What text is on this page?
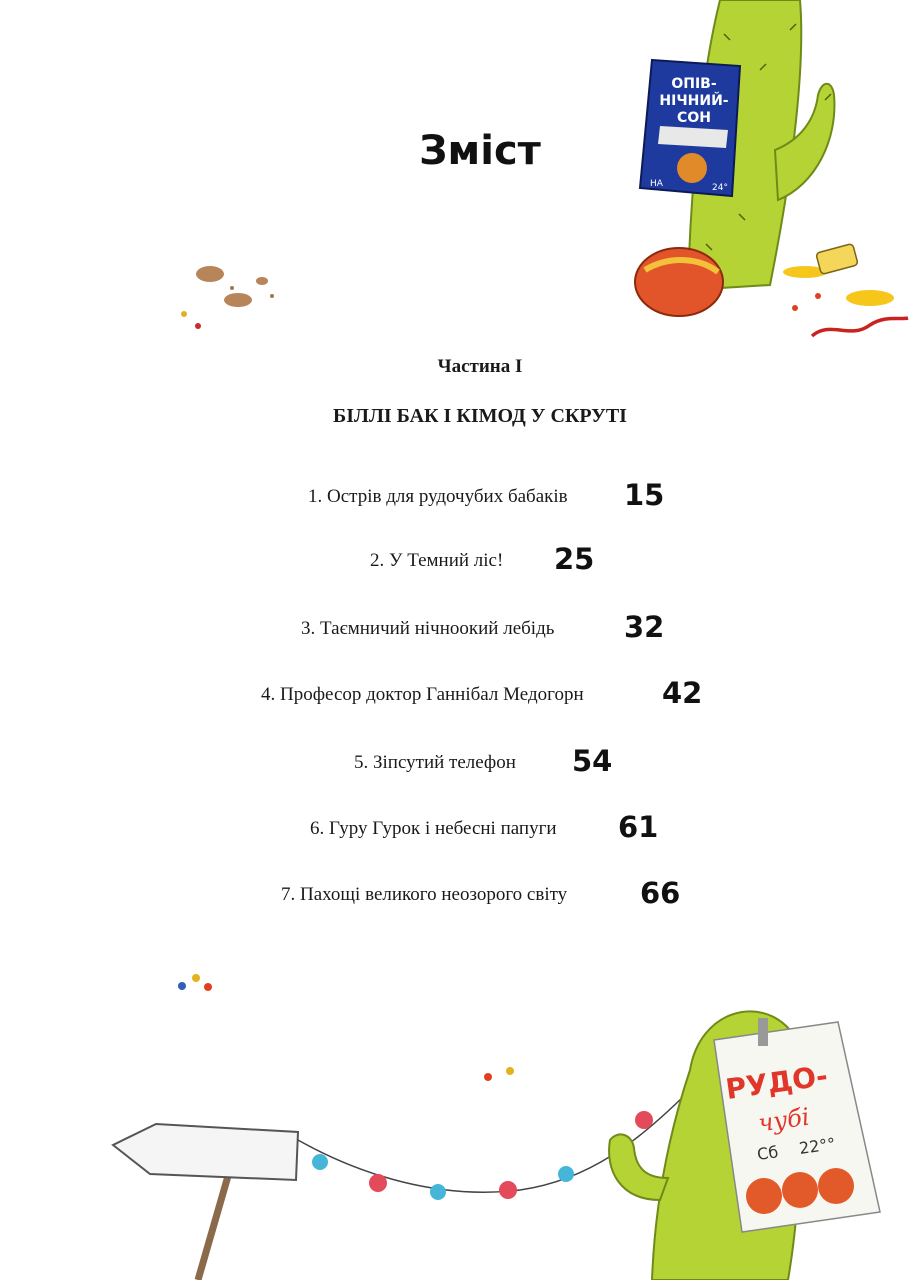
ОПІВ-
НІЧНИЙ-
СОН
НА	24°
РУДО-
чубі
Сб 22°°
Зміст
Частина I
БІЛЛІ БАК І КІМОД У СКРУТІ
1. Острів для рудочубих бабаків 15
2. У Темний ліс! 25
3. Таємничий нічноокий лебідь 32
4. Професор доктор Ганнібал Медогорн	42
5. Зіпсутий телефон 54
6. Гуру Гурок і небесні папуги 61
7. Пахощі великого неозорого світу	66
